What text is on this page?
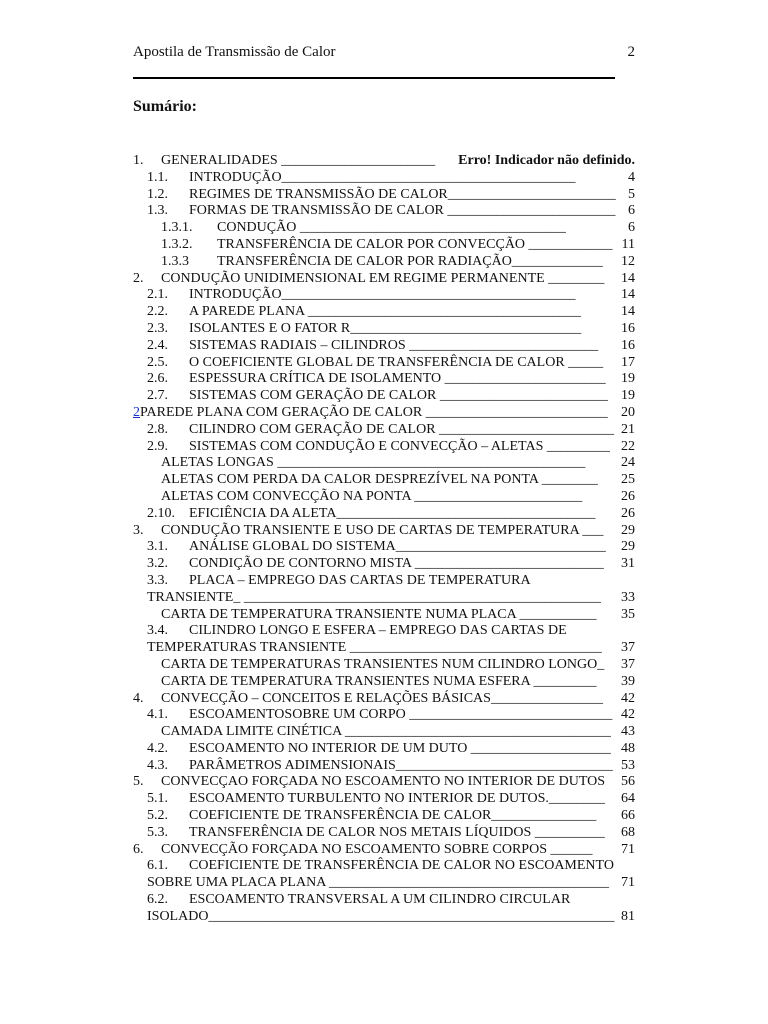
Apostila de Transmissão de Calor	2
Sumário:
1. GENERALIDADES ______________________ Erro! Indicador não definido.
1.1. INTRODUÇÃO__________________________________________	4
1.2. REGIMES DE TRANSMISSÃO DE CALOR________________________ 5
1.3. FORMAS DE TRANSMISSÃO DE CALOR ________________________ 6
1.3.1. CONDUÇÃO ______________________________________	6
1.3.2. TRANSFERÊNCIA DE CALOR POR CONVECÇÃO ____________ 11
1.3.3 TRANSFERÊNCIA DE CALOR POR RADIAÇÃO_____________ 12
2. CONDUÇÃO UNIDIMENSIONAL EM REGIME PERMANENTE ________ 14
2.1. INTRODUÇÃO__________________________________________	14
2.2. A PAREDE PLANA _______________________________________	14
2.3. ISOLANTES E O FATOR R_________________________________	16
2.4. SISTEMAS RADIAIS – CILINDROS ___________________________ 16
2.5. O COEFICIENTE GLOBAL DE TRANSFERÊNCIA DE CALOR _____ 17
2.6. ESPESSURA CRÍTICA DE ISOLAMENTO _______________________ 19
2.7. SISTEMAS COM GERAÇÃO DE CALOR ________________________ 19
2PAREDE PLANA COM GERAÇÃO DE CALOR __________________________ 20
2.8. CILINDRO COM GERAÇÃO DE CALOR _________________________ 21
2.9. SISTEMAS COM CONDUÇÃO E CONVECÇÃO – ALETAS _________ 22
ALETAS LONGAS ____________________________________________	24
ALETAS COM PERDA DA CALOR DESPREZÍVEL NA PONTA ________ 25
ALETAS COM CONVECÇÃO NA PONTA ________________________	26
2.10. EFICIÊNCIA DA ALETA_____________________________________ 26
3. CONDUÇÃO TRANSIENTE E USO DE CARTAS DE TEMPERATURA ___ 29
3.1. ANÁLISE GLOBAL DO SISTEMA______________________________ 29
3.2. CONDIÇÃO DE CONTORNO MISTA ___________________________ 31
3.3. PLACA – EMPREGO DAS CARTAS DE TEMPERATURA
TRANSIENTE_ ___________________________________________________ 33
CARTA DE TEMPERATURA TRANSIENTE NUMA PLACA ___________ 35
3.4. CILINDRO LONGO E ESFERA – EMPREGO DAS CARTAS DE
TEMPERATURAS TRANSIENTE ____________________________________ 37
CARTA DE TEMPERATURAS TRANSIENTES NUM CILINDRO LONGO_ 37
CARTA DE TEMPERATURA TRANSIENTES NUMA ESFERA _________ 39
4. CONVECÇÃO – CONCEITOS E RELAÇÕES BÁSICAS________________ 42
4.1. ESCOAMENTOSOBRE UM CORPO _____________________________ 42
CAMADA LIMITE CINÉTICA ______________________________________ 43
4.2. ESCOAMENTO NO INTERIOR DE UM DUTO ____________________ 48
4.3. PARÂMETROS ADIMENSIONAIS_______________________________ 53
5. CONVECÇAO FORÇADA NO ESCOAMENTO NO INTERIOR DE DUTOS 56
5.1. ESCOAMENTO TURBULENTO NO INTERIOR DE DUTOS.________ 64
5.2. COEFICIENTE DE TRANSFERÊNCIA DE CALOR_______________ 66
5.3. TRANSFERÊNCIA DE CALOR NOS METAIS LÍQUIDOS __________ 68
6. CONVECÇÃO FORÇADA NO ESCOAMENTO SOBRE CORPOS ______ 71
6.1. COEFICIENTE DE TRANSFERÊNCIA DE CALOR NO ESCOAMENTO
SOBRE UMA PLACA PLANA ________________________________________ 71
6.2. ESCOAMENTO TRANSVERSAL A UM CILINDRO CIRCULAR
ISOLADO__________________________________________________________ 81
